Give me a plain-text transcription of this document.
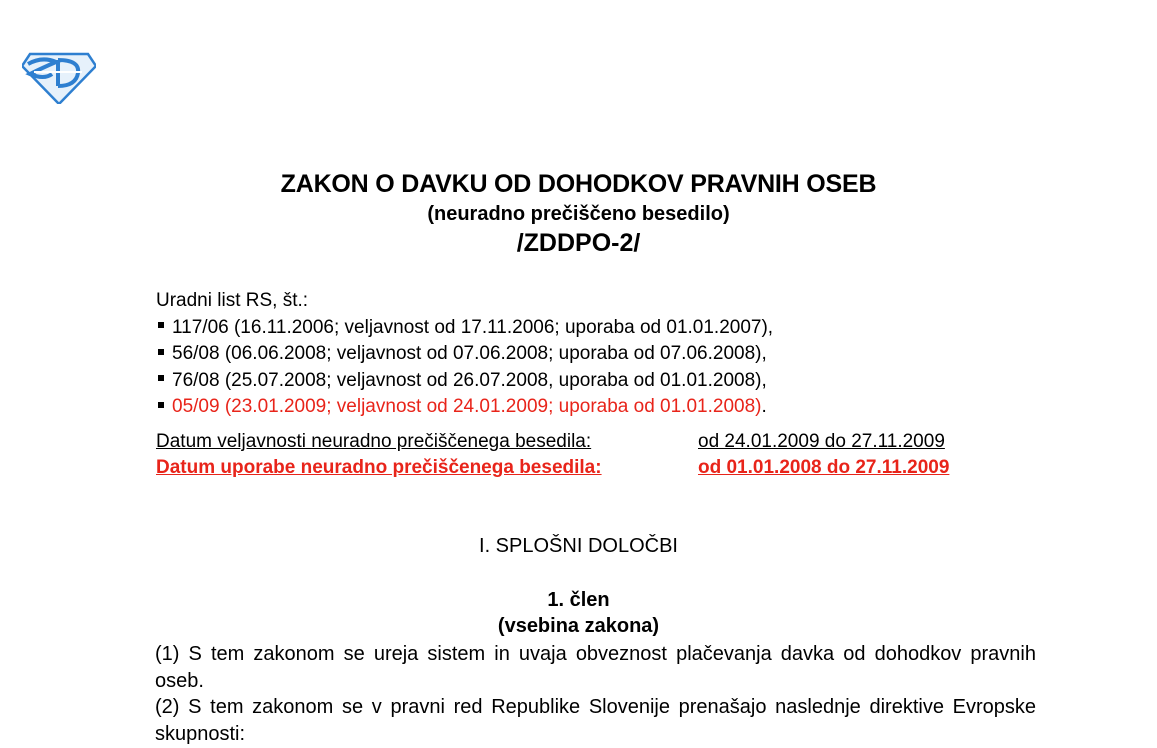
ZAKON O DAVKU OD DOHODKOV PRAVNIH OSEB
(neuradno prečiščeno besedilo)
/ZDDPO-2/
Uradni list RS, št.:
117/06 (16.11.2006; veljavnost od 17.11.2006; uporaba od 01.01.2007),
56/08 (06.06.2008; veljavnost od 07.06.2008; uporaba od 07.06.2008),
76/08 (25.07.2008; veljavnost od 26.07.2008, uporaba od 01.01.2008),
05/09 (23.01.2009; veljavnost od 24.01.2009; uporaba od 01.01.2008).
Datum veljavnosti neuradno prečiščenega besedila:	od 24.01.2009 do 27.11.2009
Datum uporabe neuradno prečiščenega besedila:	od 01.01.2008 do 27.11.2009
I. SPLOŠNI DOLOČBI
1. člen
(vsebina zakona)
(1) S tem zakonom se ureja sistem in uvaja obveznost plačevanja davka od dohodkov pravnih oseb.
(2) S tem zakonom se v pravni red Republike Slovenije prenašajo naslednje direktive Evropske skupnosti:
